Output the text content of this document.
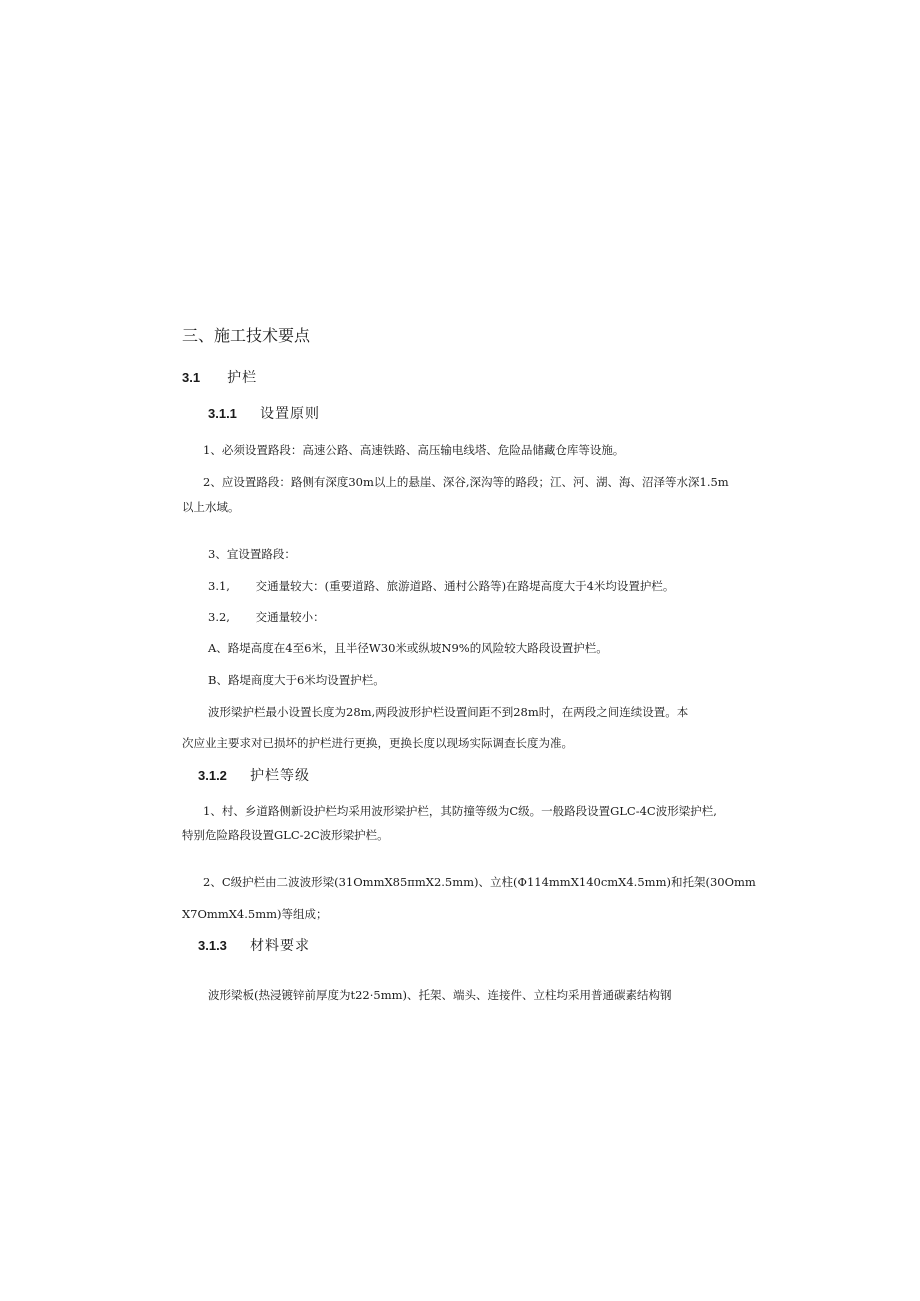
三、施工技术要点
3.1 护栏
3.1.1 设置原则
1、必须设置路段：高速公路、高速铁路、高压输电线塔、危险品储藏仓库等设施。
2、应设置路段：路侧有深度30m以上的悬崖、深谷,深沟等的路段；江、河、湖、海、沼泽等水深1.5m
以上水域。
3、宜设置路段：
3.1, 交通量较大：(重要道路、旅游道路、通村公路等)在路堤高度大于4米均设置护栏。
3.2, 交通量较小：
A、路堤高度在4至6米，且半径W30米或纵坡N9%的风险较大路段设置护栏。
B、路堤商度大于6米均设置护栏。
波形梁护栏最小设置长度为28m,两段波形护栏设置间距不到28m时，在两段之间连续设置。本
次应业主要求对已损坏的护栏进行更换，更换长度以现场实际调查长度为准。
3.1.2 护栏等级
1、村、乡道路侧新设护栏均采用波形梁护栏，其防撞等级为C级。一般路段设置GLC-4C波形梁护栏,
特别危险路段设置GLC-2C波形梁护栏。
2、C级护栏由二波波形梁(31OmmX85πmX2.5mm)、立柱(Φ114mmX140cmX4.5mm)和托架(30Omm
X7OmmX4.5mm)等组成；
3.1.3 材料要求
波形梁板(热浸镀锌前厚度为t22·5mm)、托架、端头、连接件、立柱均采用普通碳素结构钢
